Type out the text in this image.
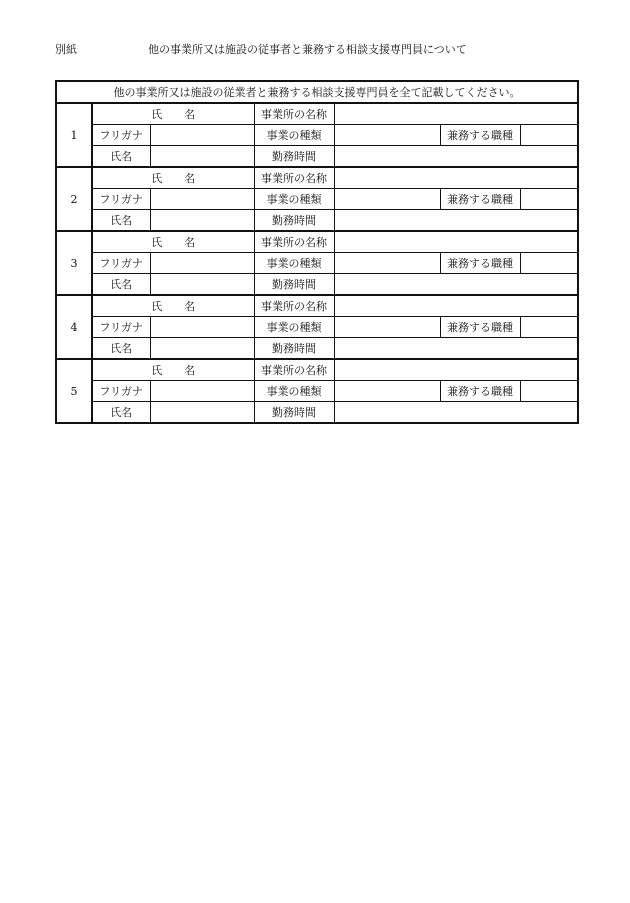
別紙	他の事業所又は施設の従事者と兼務する相談支援専門員について
他の事業所又は施設の従業者と兼務する相談支援専門員を全て記載してください。						
1	氏 名		事業所の名称			
	フリガナ		事業の種類		兼務する職種	
	氏名		勤務時間			
2	氏 名		事業所の名称			
	フリガナ		事業の種類		兼務する職種	
	氏名		勤務時間			
3	氏 名		事業所の名称			
	フリガナ		事業の種類		兼務する職種	
	氏名		勤務時間			
4	氏 名		事業所の名称			
	フリガナ		事業の種類		兼務する職種	
	氏名		勤務時間			
5	氏 名		事業所の名称			
	フリガナ		事業の種類		兼務する職種	
	氏名		勤務時間			
